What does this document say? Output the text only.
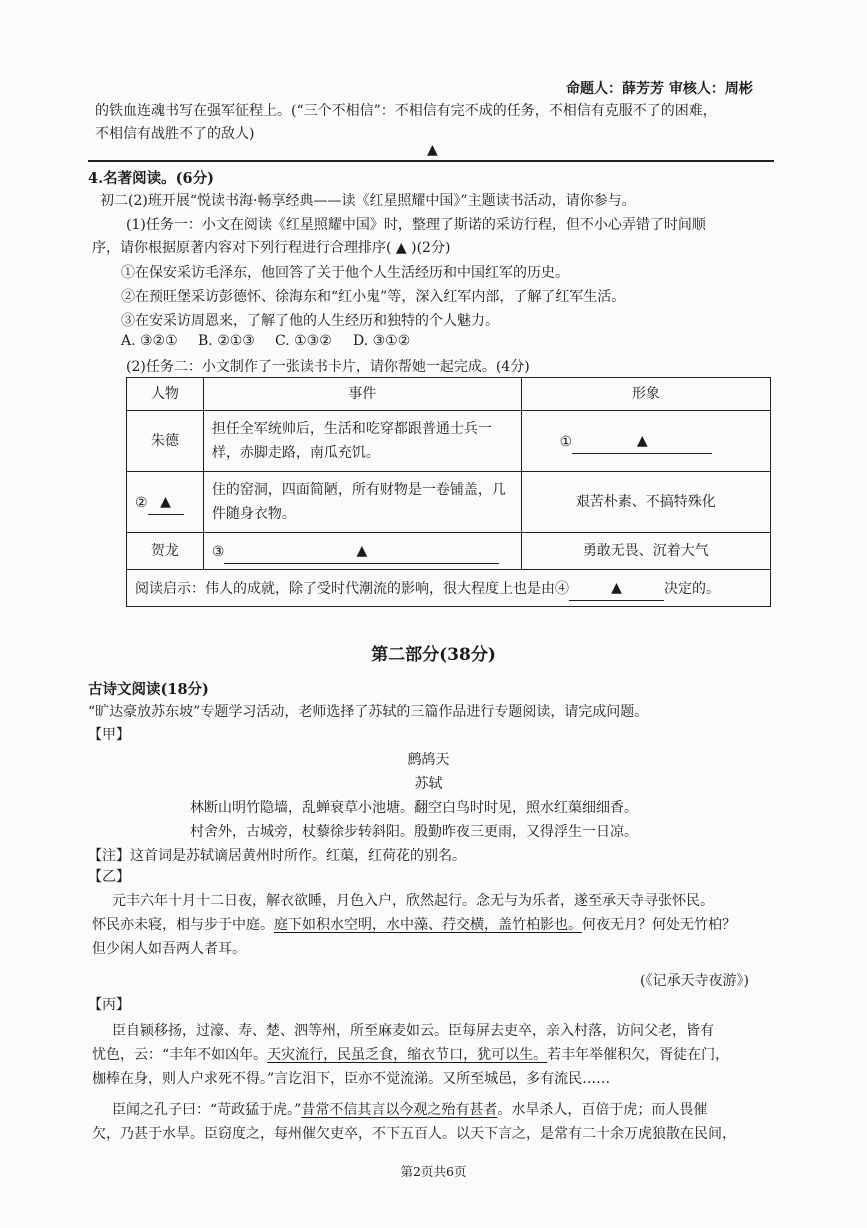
命题人：薛芳芳 审核人：周彬
的铁血连魂书写在强军征程上。(“三个不相信”：不相信有完不成的任务，不相信有克服不了的困难，
不相信有战胜不了的敌人)
▲
4.名著阅读。(6分)
初二(2)班开展“悦读书海·畅享经典——读《红星照耀中国》”主题读书活动，请你参与。
(1)任务一：小文在阅读《红星照耀中国》时，整理了斯诺的采访行程，但不小心弄错了时间顺
序，请你根据原著内容对下列行程进行合理排序( ▲ )(2分)
①在保安采访毛泽东，他回答了关于他个人生活经历和中国红军的历史。
②在预旺堡采访彭德怀、徐海东和“红小鬼”等，深入红军内部，了解了红军生活。
③在安采访周恩来，了解了他的人生经历和独特的个人魅力。
A. ③②① B. ②①③ C. ①③② D. ③①②
(2)任务二：小文制作了一张读书卡片，请你帮她一起完成。(4分)
人物	事件	形象
朱德	担任全军统帅后，生活和吃穿都跟普通士兵一样，赤脚走路，南瓜充饥。	① ▲
② ▲	住的窑洞，四面简陋，所有财物是一卷铺盖，几件随身衣物。	艰苦朴素、不搞特殊化
贺龙	③ ▲	勇敢无畏、沉着大气
阅读启示：伟人的成就，除了受时代潮流的影响，很大程度上也是由④ ▲ 决定的。		
第二部分(38分)
古诗文阅读(18分)
“旷达豪放苏东坡”专题学习活动，老师选择了苏轼的三篇作品进行专题阅读，请完成问题。
【甲】
鹧鸪天
苏轼
林断山明竹隐墙，乱蝉衰草小池塘。翻空白鸟时时见，照水红蕖细细香。
村舍外，古城旁，杖藜徐步转斜阳。殷勤昨夜三更雨，又得浮生一日凉。
【注】这首词是苏轼谪居黄州时所作。红蕖，红荷花的别名。
【乙】
元丰六年十月十二日夜，解衣欲睡，月色入户，欣然起行。念无与为乐者，遂至承天寺寻张怀民。
怀民亦未寝，相与步于中庭。庭下如积水空明，水中藻、荇交横，盖竹柏影也。何夜无月？何处无竹柏？
但少闲人如吾两人者耳。
(《记承天寺夜游》)
【丙】
臣自颍移扬，过濠、寿、楚、泗等州，所至麻麦如云。臣每屏去吏卒，亲入村落，访问父老，皆有
忧色，云：“丰年不如凶年。天灾流行，民虽乏食，缩衣节口，犹可以生。若丰年举催积欠，胥徒在门，
枷棒在身，则人户求死不得。”言讫泪下，臣亦不觉流涕。又所至城邑，多有流民……
臣闻之孔子曰：“苛政猛于虎。”昔常不信其言以今观之殆有甚者。水旱杀人，百倍于虎；而人畏催
欠，乃甚于水旱。臣窃度之，每州催欠吏卒，不下五百人。以天下言之，是常有二十余万虎狼散在民间，
第2页共6页
